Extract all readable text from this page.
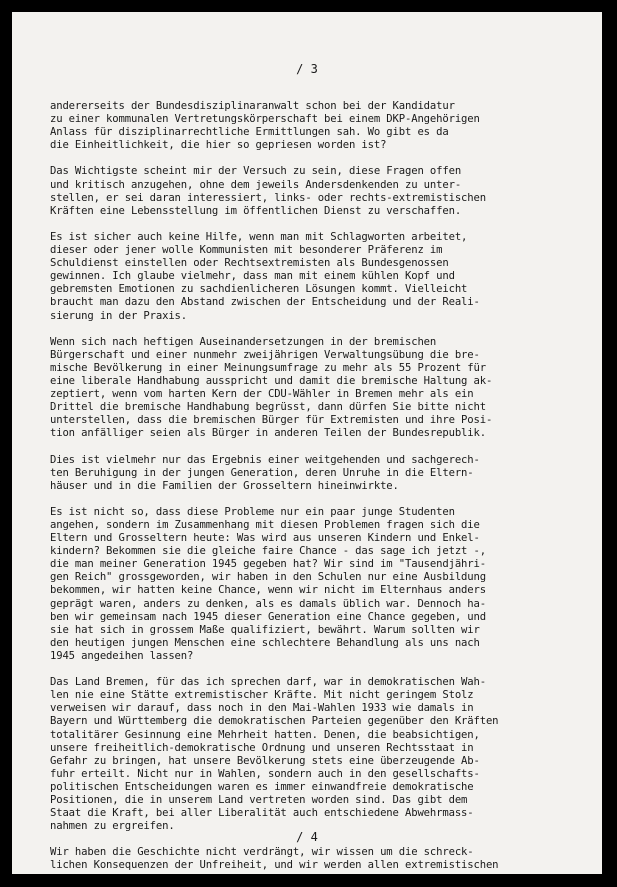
/ 3
andererseits der Bundesdisziplinaranwalt schon bei der Kandidatur
zu einer kommunalen Vertretungskörperschaft bei einem DKP-Angehörigen
Anlass für disziplinarrechtliche Ermittlungen sah. Wo gibt es da
die Einheitlichkeit, die hier so gepriesen worden ist?
Das Wichtigste scheint mir der Versuch zu sein, diese Fragen offen
und kritisch anzugehen, ohne dem jeweils Andersdenkenden zu unter-
stellen, er sei daran interessiert, links- oder rechts-extremistischen
Kräften eine Lebensstellung im öffentlichen Dienst zu verschaffen.
Es ist sicher auch keine Hilfe, wenn man mit Schlagworten arbeitet,
dieser oder jener wolle Kommunisten mit besonderer Präferenz im
Schuldienst einstellen oder Rechtsextremisten als Bundesgenossen
gewinnen. Ich glaube vielmehr, dass man mit einem kühlen Kopf und
gebremsten Emotionen zu sachdienlicheren Lösungen kommt. Vielleicht
braucht man dazu den Abstand zwischen der Entscheidung und der Reali-
sierung in der Praxis.
Wenn sich nach heftigen Auseinandersetzungen in der bremischen
Bürgerschaft und einer nunmehr zweijährigen Verwaltungsübung die bre-
mische Bevölkerung in einer Meinungsumfrage zu mehr als 55 Prozent für
eine liberale Handhabung ausspricht und damit die bremische Haltung ak-
zeptiert, wenn vom harten Kern der CDU-Wähler in Bremen mehr als ein
Drittel die bremische Handhabung begrüsst, dann dürfen Sie bitte nicht
unterstellen, dass die bremischen Bürger für Extremisten und ihre Posi-
tion anfälliger seien als Bürger in anderen Teilen der Bundesrepublik.
Dies ist vielmehr nur das Ergebnis einer weitgehenden und sachgerech-
ten Beruhigung in der jungen Generation, deren Unruhe in die Eltern-
häuser und in die Familien der Grosseltern hineinwirkte.
Es ist nicht so, dass diese Probleme nur ein paar junge Studenten
angehen, sondern im Zusammenhang mit diesen Problemen fragen sich die
Eltern und Grosseltern heute: Was wird aus unseren Kindern und Enkel-
kindern? Bekommen sie die gleiche faire Chance - das sage ich jetzt -,
die man meiner Generation 1945 gegeben hat? Wir sind im "Tausendjähri-
gen Reich" grossgeworden, wir haben in den Schulen nur eine Ausbildung
bekommen, wir hatten keine Chance, wenn wir nicht im Elternhaus anders
geprägt waren, anders zu denken, als es damals üblich war. Dennoch ha-
ben wir gemeinsam nach 1945 dieser Generation eine Chance gegeben, und
sie hat sich in grossem Maße qualifiziert, bewährt. Warum sollten wir
den heutigen jungen Menschen eine schlechtere Behandlung als uns nach
1945 angedeihen lassen?
Das Land Bremen, für das ich sprechen darf, war in demokratischen Wah-
len nie eine Stätte extremistischer Kräfte. Mit nicht geringem Stolz
verweisen wir darauf, dass noch in den Mai-Wahlen 1933 wie damals in
Bayern und Württemberg die demokratischen Parteien gegenüber den Kräften
totalitärer Gesinnung eine Mehrheit hatten. Denen, die beabsichtigen,
unsere freiheitlich-demokratische Ordnung und unseren Rechtsstaat in
Gefahr zu bringen, hat unsere Bevölkerung stets eine überzeugende Ab-
fuhr erteilt. Nicht nur in Wahlen, sondern auch in den gesellschafts-
politischen Entscheidungen waren es immer einwandfreie demokratische
Positionen, die in unserem Land vertreten worden sind. Das gibt dem
Staat die Kraft, bei aller Liberalität auch entschiedene Abwehrmass-
nahmen zu ergreifen.
Wir haben die Geschichte nicht verdrängt, wir wissen um die schreck-
lichen Konsequenzen der Unfreiheit, und wir werden allen extremistischen
/ 4
